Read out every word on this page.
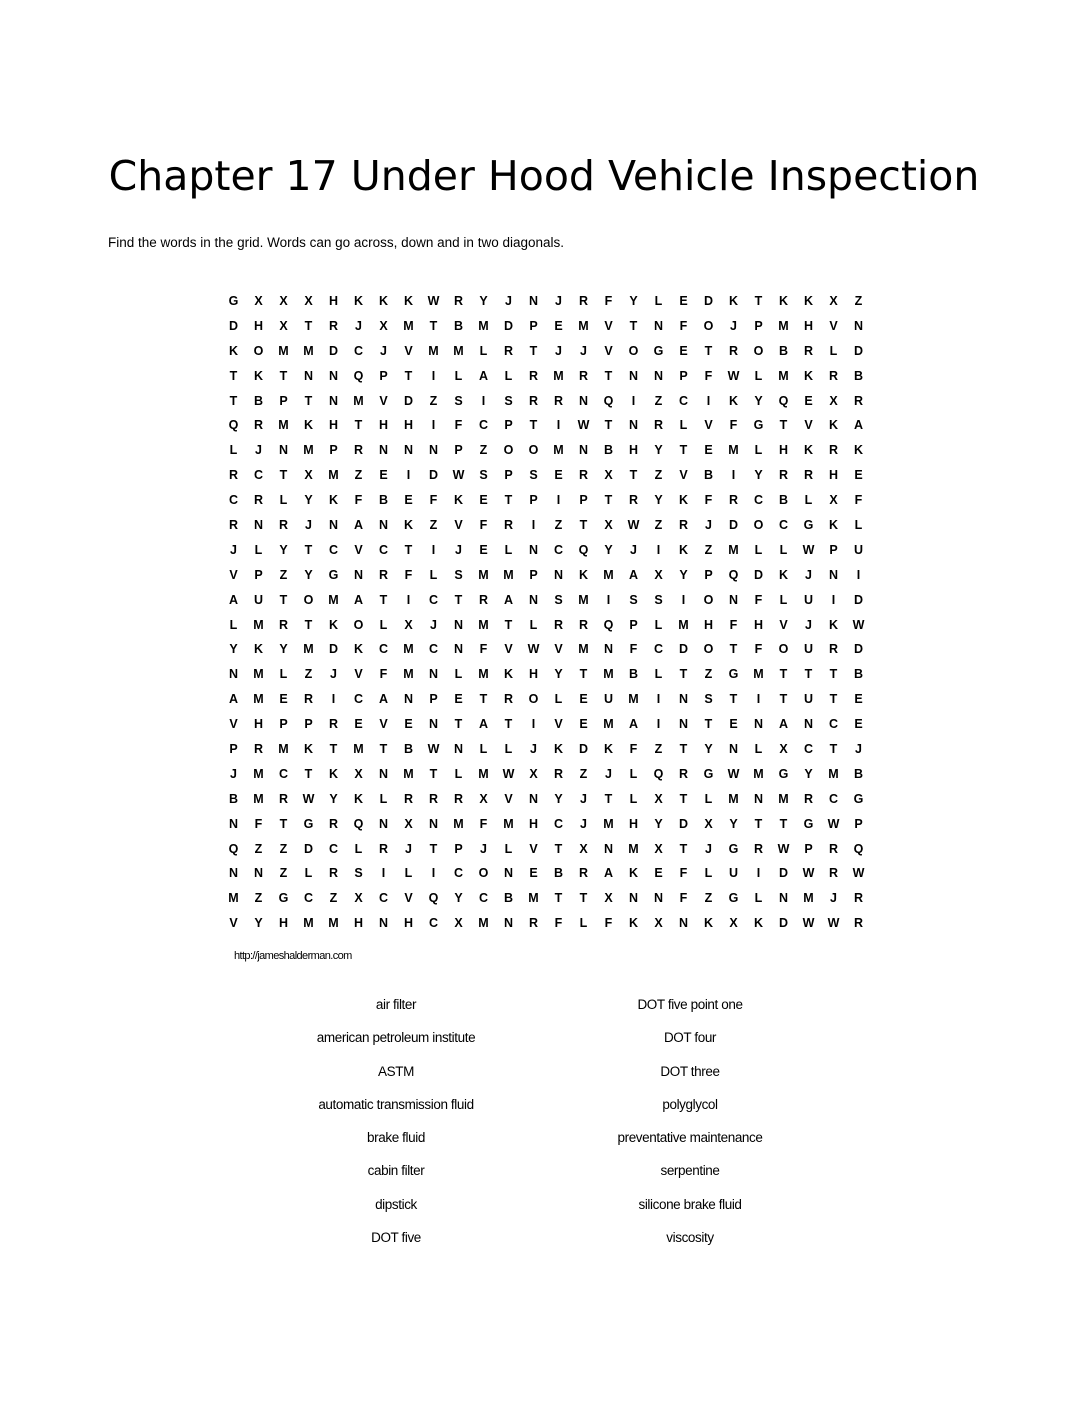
Chapter 17 Under Hood Vehicle Inspection
Find the words in the grid. Words can go across, down and in two diagonals.
G	X	X	X	H	K	K	K	W	R	Y	J	N	J	R	F	Y	L	E	D	K	T	K	K	X	Z
D	H	X	T	R	J	X	M	T	B	M	D	P	E	M	V	T	N	F	O	J	P	M	H	V	N
K	O	M	M	D	C	J	V	M	M	L	R	T	J	J	V	O	G	E	T	R	O	B	R	L	D
T	K	T	N	N	Q	P	T	I	L	A	L	R	M	R	T	N	N	P	F	W	L	M	K	R	B
T	B	P	T	N	M	V	D	Z	S	I	S	R	R	N	Q	I	Z	C	I	K	Y	Q	E	X	R
Q	R	M	K	H	T	H	H	I	F	C	P	T	I	W	T	N	R	L	V	F	G	T	V	K	A
L	J	N	M	P	R	N	N	N	P	Z	O	O	M	N	B	H	Y	T	E	M	L	H	K	R	K
R	C	T	X	M	Z	E	I	D	W	S	P	S	E	R	X	T	Z	V	B	I	Y	R	R	H	E
C	R	L	Y	K	F	B	E	F	K	E	T	P	I	P	T	R	Y	K	F	R	C	B	L	X	F
R	N	R	J	N	A	N	K	Z	V	F	R	I	Z	T	X	W	Z	R	J	D	O	C	G	K	L
J	L	Y	T	C	V	C	T	I	J	E	L	N	C	Q	Y	J	I	K	Z	M	L	L	W	P	U
V	P	Z	Y	G	N	R	F	L	S	M	M	P	N	K	M	A	X	Y	P	Q	D	K	J	N	I
A	U	T	O	M	A	T	I	C	T	R	A	N	S	M	I	S	S	I	O	N	F	L	U	I	D
L	M	R	T	K	O	L	X	J	N	M	T	L	R	R	Q	P	L	M	H	F	H	V	J	K	W
Y	K	Y	M	D	K	C	M	C	N	F	V	W	V	M	N	F	C	D	O	T	F	O	U	R	D
N	M	L	Z	J	V	F	M	N	L	M	K	H	Y	T	M	B	L	T	Z	G	M	T	T	T	B
A	M	E	R	I	C	A	N	P	E	T	R	O	L	E	U	M	I	N	S	T	I	T	U	T	E
V	H	P	P	R	E	V	E	N	T	A	T	I	V	E	M	A	I	N	T	E	N	A	N	C	E
P	R	M	K	T	M	T	B	W	N	L	L	J	K	D	K	F	Z	T	Y	N	L	X	C	T	J
J	M	C	T	K	X	N	M	T	L	M	W	X	R	Z	J	L	Q	R	G	W	M	G	Y	M	B
B	M	R	W	Y	K	L	R	R	R	X	V	N	Y	J	T	L	X	T	L	M	N	M	R	C	G
N	F	T	G	R	Q	N	X	N	M	F	M	H	C	J	M	H	Y	D	X	Y	T	T	G	W	P
Q	Z	Z	D	C	L	R	J	T	P	J	L	V	T	X	N	M	X	T	J	G	R	W	P	R	Q
N	N	Z	L	R	S	I	L	I	C	O	N	E	B	R	A	K	E	F	L	U	I	D	W	R	W
M	Z	G	C	Z	X	C	V	Q	Y	C	B	M	T	T	X	N	N	F	Z	G	L	N	M	J	R
V	Y	H	M	M	H	N	H	C	X	M	N	R	F	L	F	K	X	N	K	X	K	D	W	W	R
http://jameshalderman.com
air filter
american petroleum institute
ASTM
automatic transmission fluid
brake fluid
cabin filter
dipstick
DOT five
DOT five point one
DOT four
DOT three
polyglycol
preventative maintenance
serpentine
silicone brake fluid
viscosity
